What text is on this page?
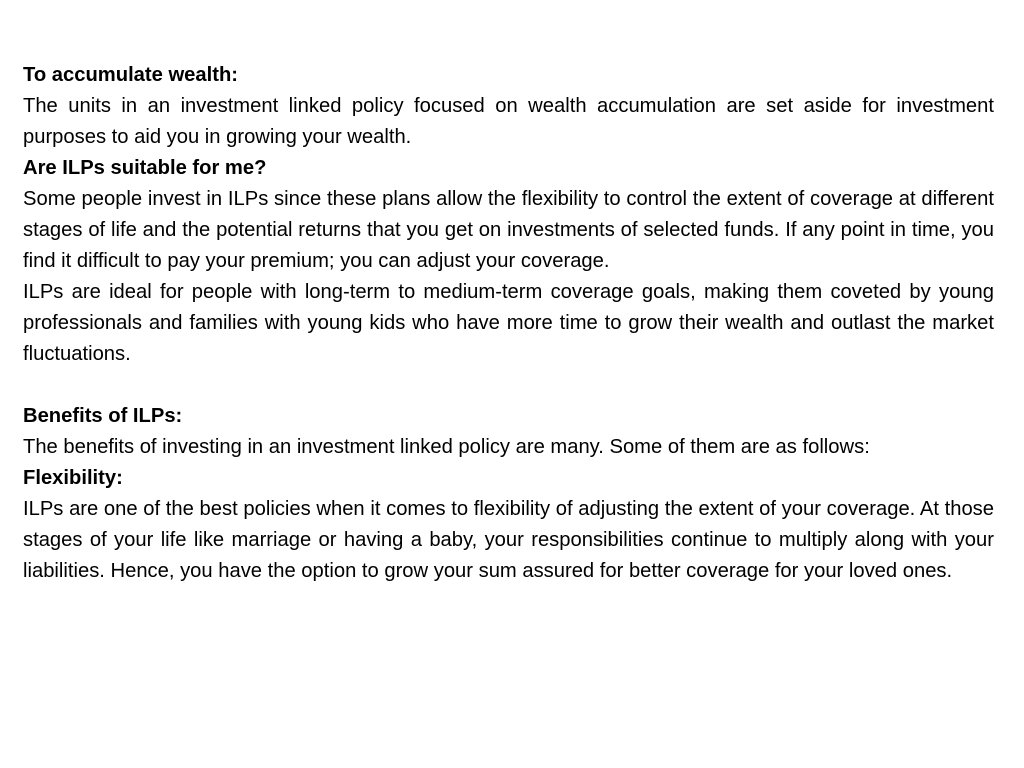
To accumulate wealth:

The units in an investment linked policy focused on wealth accumulation are set aside for investment purposes to aid you in growing your wealth.

Are ILPs suitable for me?

Some people invest in ILPs since these plans allow the flexibility to control the extent of coverage at different stages of life and the potential returns that you get on investments of selected funds. If any point in time, you find it difficult to pay your premium; you can adjust your coverage.

ILPs are ideal for people with long-term to medium-term coverage goals, making them coveted by young professionals and families with young kids who have more time to grow their wealth and outlast the market fluctuations.

Benefits of ILPs:

The benefits of investing in an investment linked policy are many. Some of them are as follows:

Flexibility:

ILPs are one of the best policies when it comes to flexibility of adjusting the extent of your coverage. At those stages of your life like marriage or having a baby, your responsibilities continue to multiply along with your liabilities. Hence, you have the option to grow your sum assured for better coverage for your loved ones.
